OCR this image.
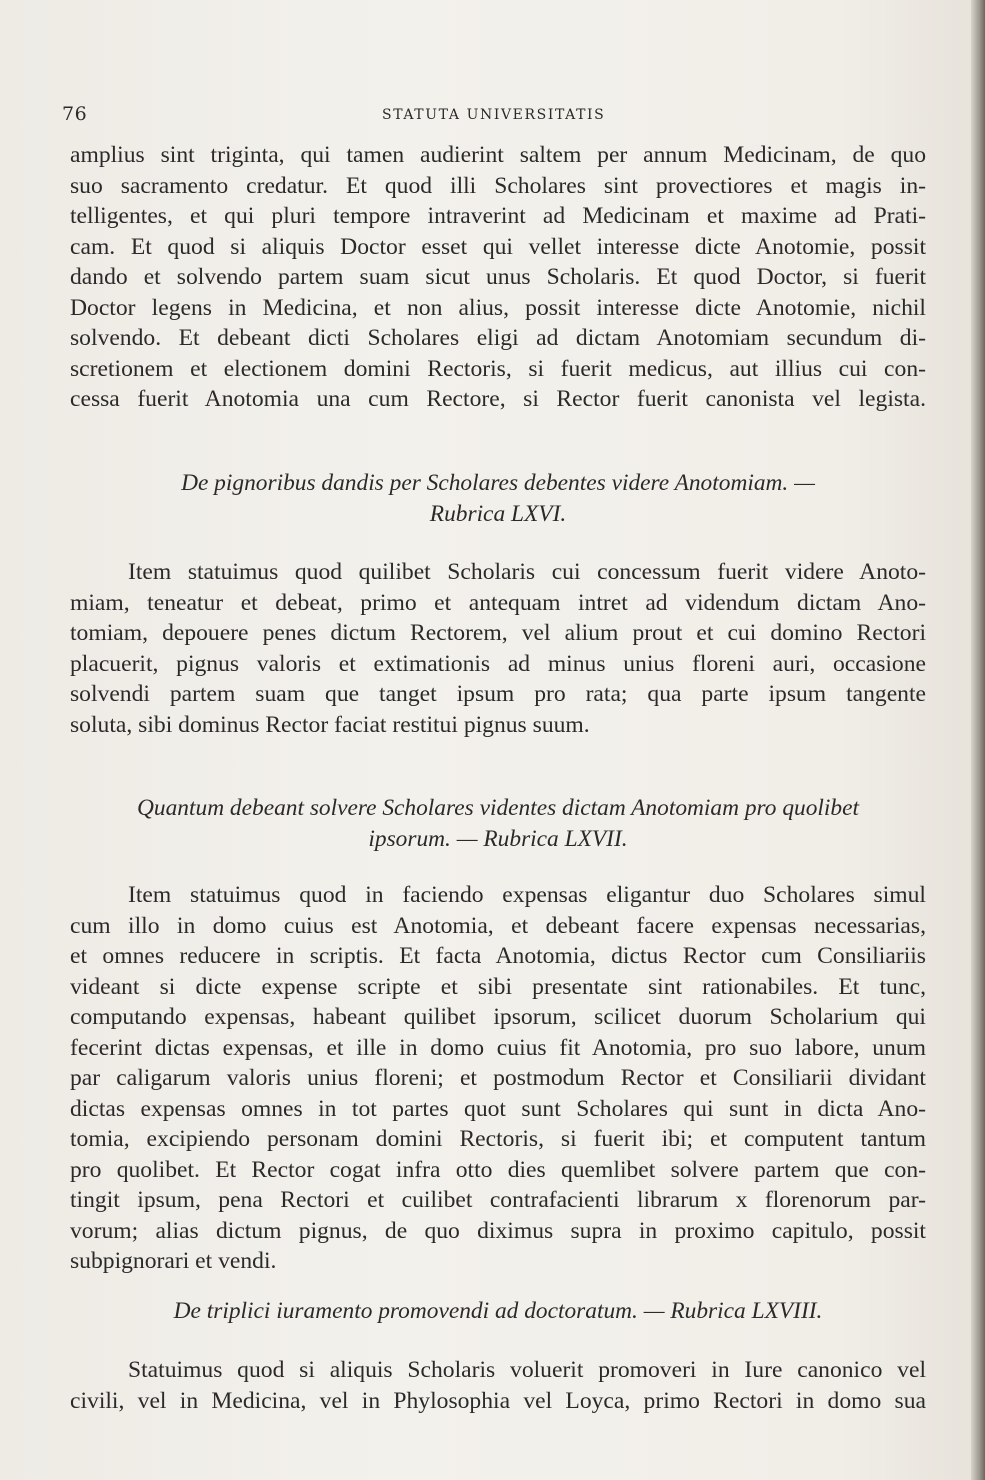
76	STATUTA UNIVERSITATIS
amplius sint triginta, qui tamen audierint saltem per annum Medicinam, de quo
suo sacramento credatur. Et quod illi Scholares sint provectiores et magis in-
telligentes, et qui pluri tempore intraverint ad Medicinam et maxime ad Prati-
cam. Et quod si aliquis Doctor esset qui vellet interesse dicte Anotomie, possit
dando et solvendo partem suam sicut unus Scholaris. Et quod Doctor, si fuerit
Doctor legens in Medicina, et non alius, possit interesse dicte Anotomie, nichil
solvendo. Et debeant dicti Scholares eligi ad dictam Anotomiam secundum di-
scretionem et electionem domini Rectoris, si fuerit medicus, aut illius cui con-
cessa fuerit Anotomia una cum Rectore, si Rector fuerit canonista vel legista.
De pignoribus dandis per Scholares debentes videre Anotomiam. —
Rubrica LXVI.
Item statuimus quod quilibet Scholaris cui concessum fuerit videre Anoto-
miam, teneatur et debeat, primo et antequam intret ad videndum dictam Ano-
tomiam, depouere penes dictum Rectorem, vel alium prout et cui domino Rectori
placuerit, pignus valoris et extimationis ad minus unius floreni auri, occasione
solvendi partem suam que tanget ipsum pro rata; qua parte ipsum tangente
soluta, sibi dominus Rector faciat restitui pignus suum.
Quantum debeant solvere Scholares videntes dictam Anotomiam pro quolibet
ipsorum. — Rubrica LXVII.
Item statuimus quod in faciendo expensas eligantur duo Scholares simul
cum illo in domo cuius est Anotomia, et debeant facere expensas necessarias,
et omnes reducere in scriptis. Et facta Anotomia, dictus Rector cum Consiliariis
videant si dicte expense scripte et sibi presentate sint rationabiles. Et tunc,
computando expensas, habeant quilibet ipsorum, scilicet duorum Scholarium qui
fecerint dictas expensas, et ille in domo cuius fit Anotomia, pro suo labore, unum
par caligarum valoris unius floreni; et postmodum Rector et Consiliarii dividant
dictas expensas omnes in tot partes quot sunt Scholares qui sunt in dicta Ano-
tomia, excipiendo personam domini Rectoris, si fuerit ibi; et computent tantum
pro quolibet. Et Rector cogat infra otto dies quemlibet solvere partem que con-
tingit ipsum, pena Rectori et cuilibet contrafacienti librarum x florenorum par-
vorum; alias dictum pignus, de quo diximus supra in proximo capitulo, possit
subpignorari et vendi.
De triplici iuramento promovendi ad doctoratum. — Rubrica LXVIII.
Statuimus quod si aliquis Scholaris voluerit promoveri in Iure canonico vel
civili, vel in Medicina, vel in Phylosophia vel Loyca, primo Rectori in domo sua
